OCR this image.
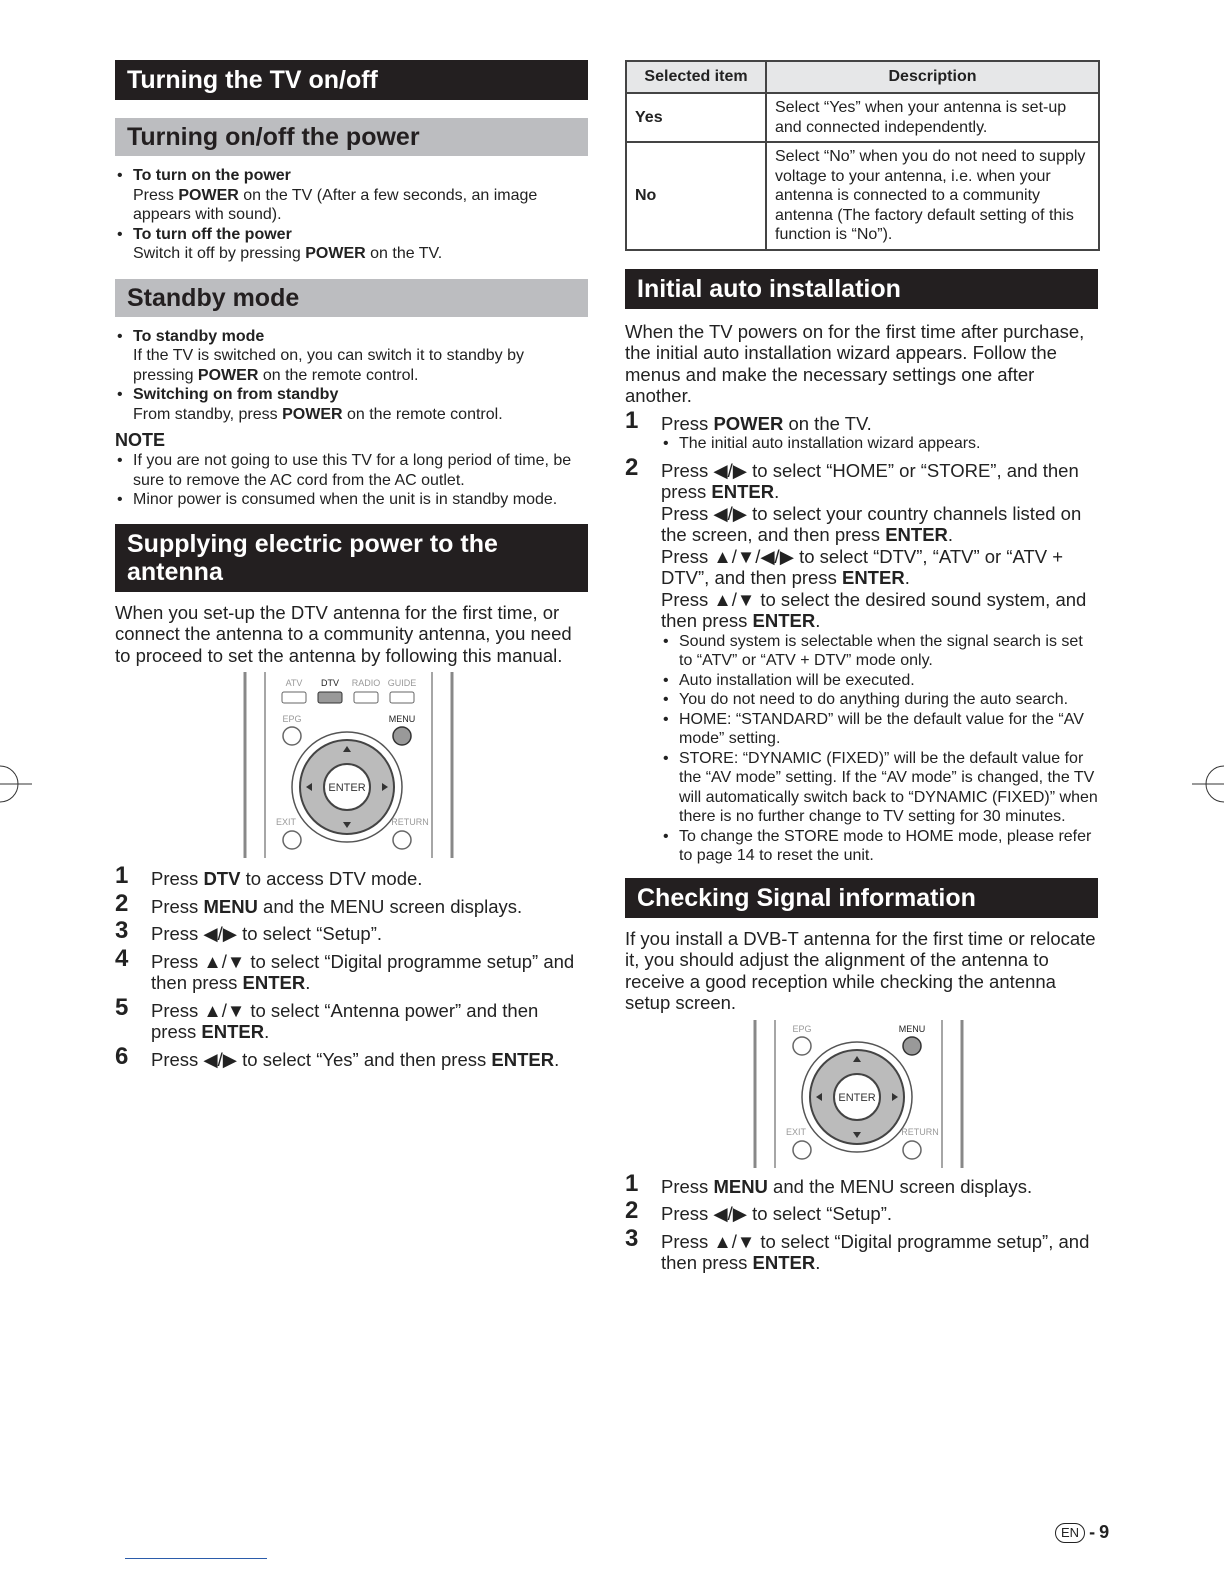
Turning the TV on/off
Turning on/off the power
• To turn on the power
Press POWER on the TV (After a few seconds, an image appears with sound).
• To turn off the power
Switch it off by pressing POWER on the TV.
Standby mode
• To standby mode
If the TV is switched on, you can switch it to standby by pressing POWER on the remote control.
• Switching on from standby
From standby, press POWER on the remote control.
NOTE
• If you are not going to use this TV for a long period of time, be sure to remove the AC cord from the AC outlet.
• Minor power is consumed when the unit is in standby mode.
Supplying electric power to the
antenna
When you set-up the DTV antenna for the first time, or connect the antenna to a community antenna, you need to proceed to set the antenna by following this manual.
ATV DTV RADIO GUIDE
EPG	MENU
ENTER
EXIT	RETURN
1 Press DTV to access DTV mode.
2 Press MENU and the MENU screen displays.
3 Press ◀/▶ to select “Setup”.
4 Press ▲/▼ to select “Digital programme setup” and then press ENTER.
5 Press ▲/▼ to select “Antenna power” and then press ENTER.
6 Press ◀/▶ to select “Yes” and then press ENTER.
Selected item	Description
Yes	Select “Yes” when your antenna is set-up and connected independently.
No	Select “No” when you do not need to supply voltage to your antenna, i.e. when your antenna is connected to a community antenna (The factory default setting of this function is “No”).
Initial auto installation
When the TV powers on for the first time after purchase, the initial auto installation wizard appears. Follow the menus and make the necessary settings one after another.
1 Press POWER on the TV.
• The initial auto installation wizard appears.
2 Press ◀/▶ to select “HOME” or “STORE”, and then press ENTER.
Press ◀/▶ to select your country channels listed on the screen, and then press ENTER.
Press ▲/▼/◀/▶ to select “DTV”, “ATV” or “ATV + DTV”, and then press ENTER.
Press ▲/▼ to select the desired sound system, and then press ENTER.
• Sound system is selectable when the signal search is set to “ATV” or “ATV + DTV” mode only.
• Auto installation will be executed.
• You do not need to do anything during the auto search.
• HOME: “STANDARD” will be the default value for the “AV mode” setting.
• STORE: “DYNAMIC (FIXED)” will be the default value for the “AV mode” setting. If the “AV mode” is changed, the TV will automatically switch back to “DYNAMIC (FIXED)” when there is no further change to TV setting for 30 minutes.
• To change the STORE mode to HOME mode, please refer to page 14 to reset the unit.
Checking Signal information
If you install a DVB-T antenna for the first time or relocate it, you should adjust the alignment of the antenna to receive a good reception while checking the antenna setup screen.
EPG	MENU
ENTER
EXIT	RETURN
1 Press MENU and the MENU screen displays.
2 Press ◀/▶ to select “Setup”.
3 Press ▲/▼ to select “Digital programme setup”, and then press ENTER.
EN - 9
